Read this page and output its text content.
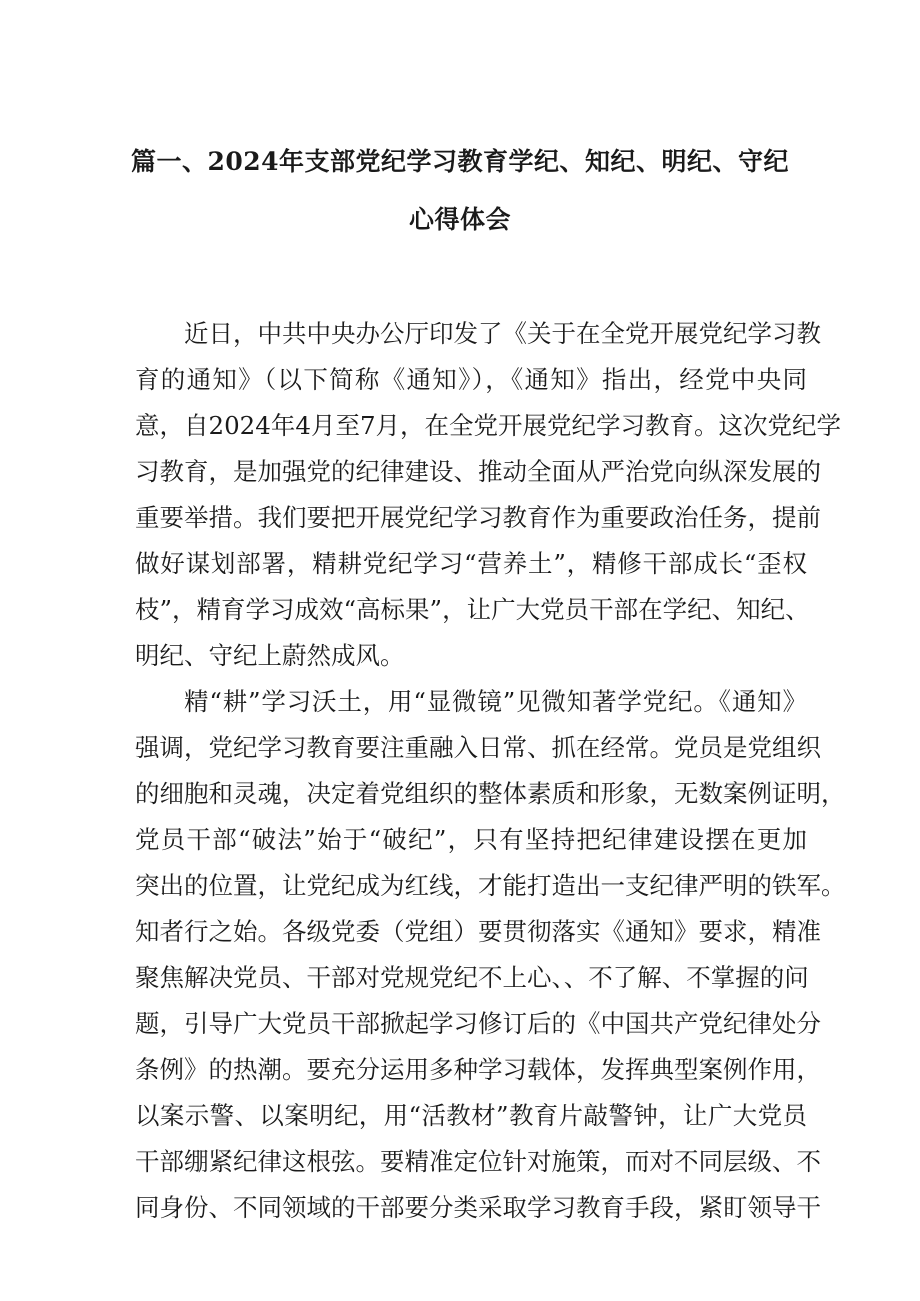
篇一、2024年支部党纪学习教育学纪、知纪、明纪、守纪
心得体会
近日，中共中央办公厅印发了《关于在全党开展党纪学习教
育的通知》（以下简称《通知》），《通知》指出，经党中央同
意，自2024年4月至7月，在全党开展党纪学习教育。这次党纪学
习教育，是加强党的纪律建设、推动全面从严治党向纵深发展的
重要举措。我们要把开展党纪学习教育作为重要政治任务，提前
做好谋划部署，精耕党纪学习“营养土”，精修干部成长“歪权
枝”，精育学习成效“高标果”，让广大党员干部在学纪、知纪、
明纪、守纪上蔚然成风。
精“耕”学习沃土，用“显微镜”见微知著学党纪。《通知》
强调，党纪学习教育要注重融入日常、抓在经常。党员是党组织
的细胞和灵魂，决定着党组织的整体素质和形象，无数案例证明，
党员干部“破法”始于“破纪”，只有坚持把纪律建设摆在更加
突出的位置，让党纪成为红线，才能打造出一支纪律严明的铁军。
知者行之始。各级党委（党组）要贯彻落实《通知》要求，精准
聚焦解决党员、干部对党规党纪不上心、、不了解、不掌握的问
题，引导广大党员干部掀起学习修订后的《中国共产党纪律处分
条例》的热潮。要充分运用多种学习载体，发挥典型案例作用，
以案示警、以案明纪，用“活教材”教育片敲警钟，让广大党员
干部绷紧纪律这根弦。要精准定位针对施策，而对不同层级、不
同身份、不同领域的干部要分类采取学习教育手段，紧盯领导干
